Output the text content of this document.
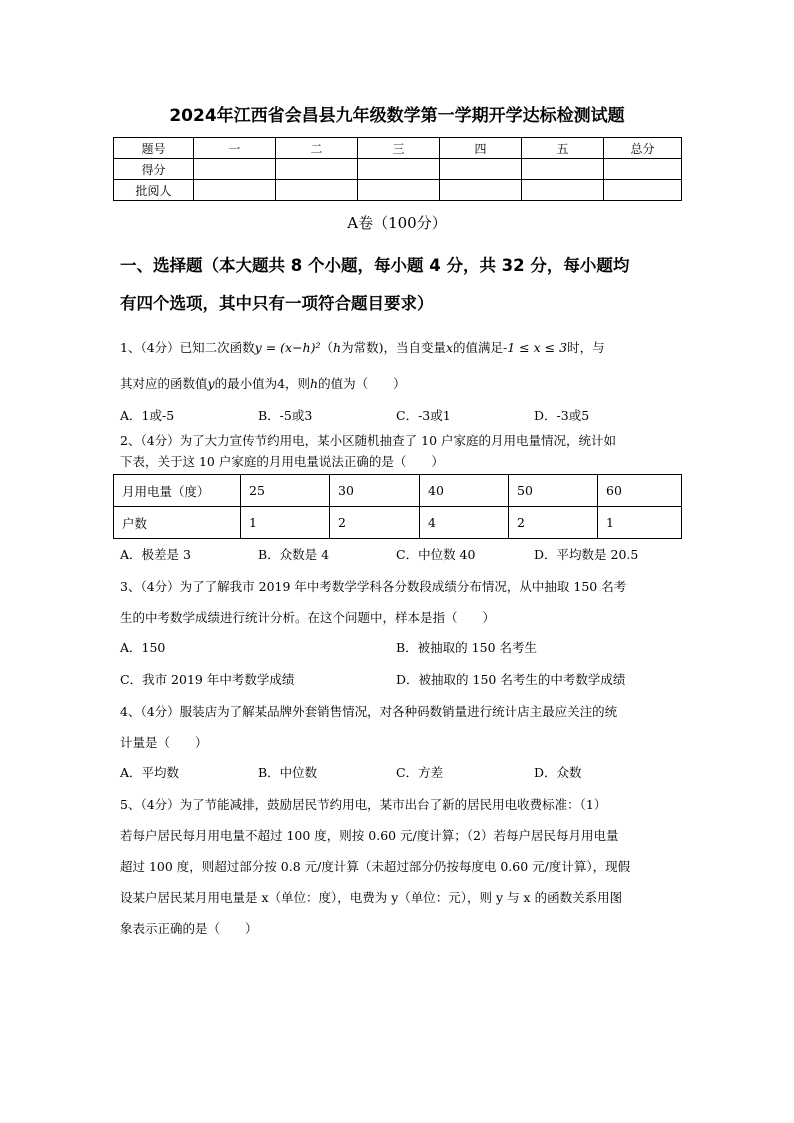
2024年江西省会昌县九年级数学第一学期开学达标检测试题
题号	一	二	三	四	五	总分
得分						
批阅人						
A卷（100分）
一、选择题（本大题共 8 个小题，每小题 4 分，共 32 分，每小题均
有四个选项，其中只有一项符合题目要求）
1、（4分）已知二次函数y = (x−h)²（h为常数)，当自变量x的值满足-1 ≤ x ≤ 3时，与
其对应的函数值y的最小值为4，则h的值为（　　）
A．1或-5	B．-5或3	C．-3或1	D．-3或5
2、（4分）为了大力宣传节约用电，某小区随机抽查了 10 户家庭的月用电量情况，统计如
下表，关于这 10 户家庭的月用电量说法正确的是（　　）
月用电量（度）	25	30	40	50	60
户数	1	2	4	2	1
A．极差是 3	B．众数是 4	C．中位数 40	D．平均数是 20.5
3、（4分）为了了解我市 2019 年中考数学学科各分数段成绩分布情况，从中抽取 150 名考
生的中考数学成绩进行统计分析。在这个问题中，样本是指（　　）
A．150	B．被抽取的 150 名考生
C．我市 2019 年中考数学成绩	D．被抽取的 150 名考生的中考数学成绩
4、（4分）服装店为了解某品牌外套销售情况，对各种码数销量进行统计店主最应关注的统
计量是（　　）
A．平均数	B．中位数	C．方差	D．众数
5、（4分）为了节能减排，鼓励居民节约用电，某市出台了新的居民用电收费标准：（1）
若每户居民每月用电量不超过 100 度，则按 0.60 元/度计算；（2）若每户居民每月用电量
超过 100 度，则超过部分按 0.8 元/度计算（未超过部分仍按每度电 0.60 元/度计算），现假
设某户居民某月用电量是 x（单位：度），电费为 y（单位：元），则 y 与 x 的函数关系用图
象表示正确的是（　　）
